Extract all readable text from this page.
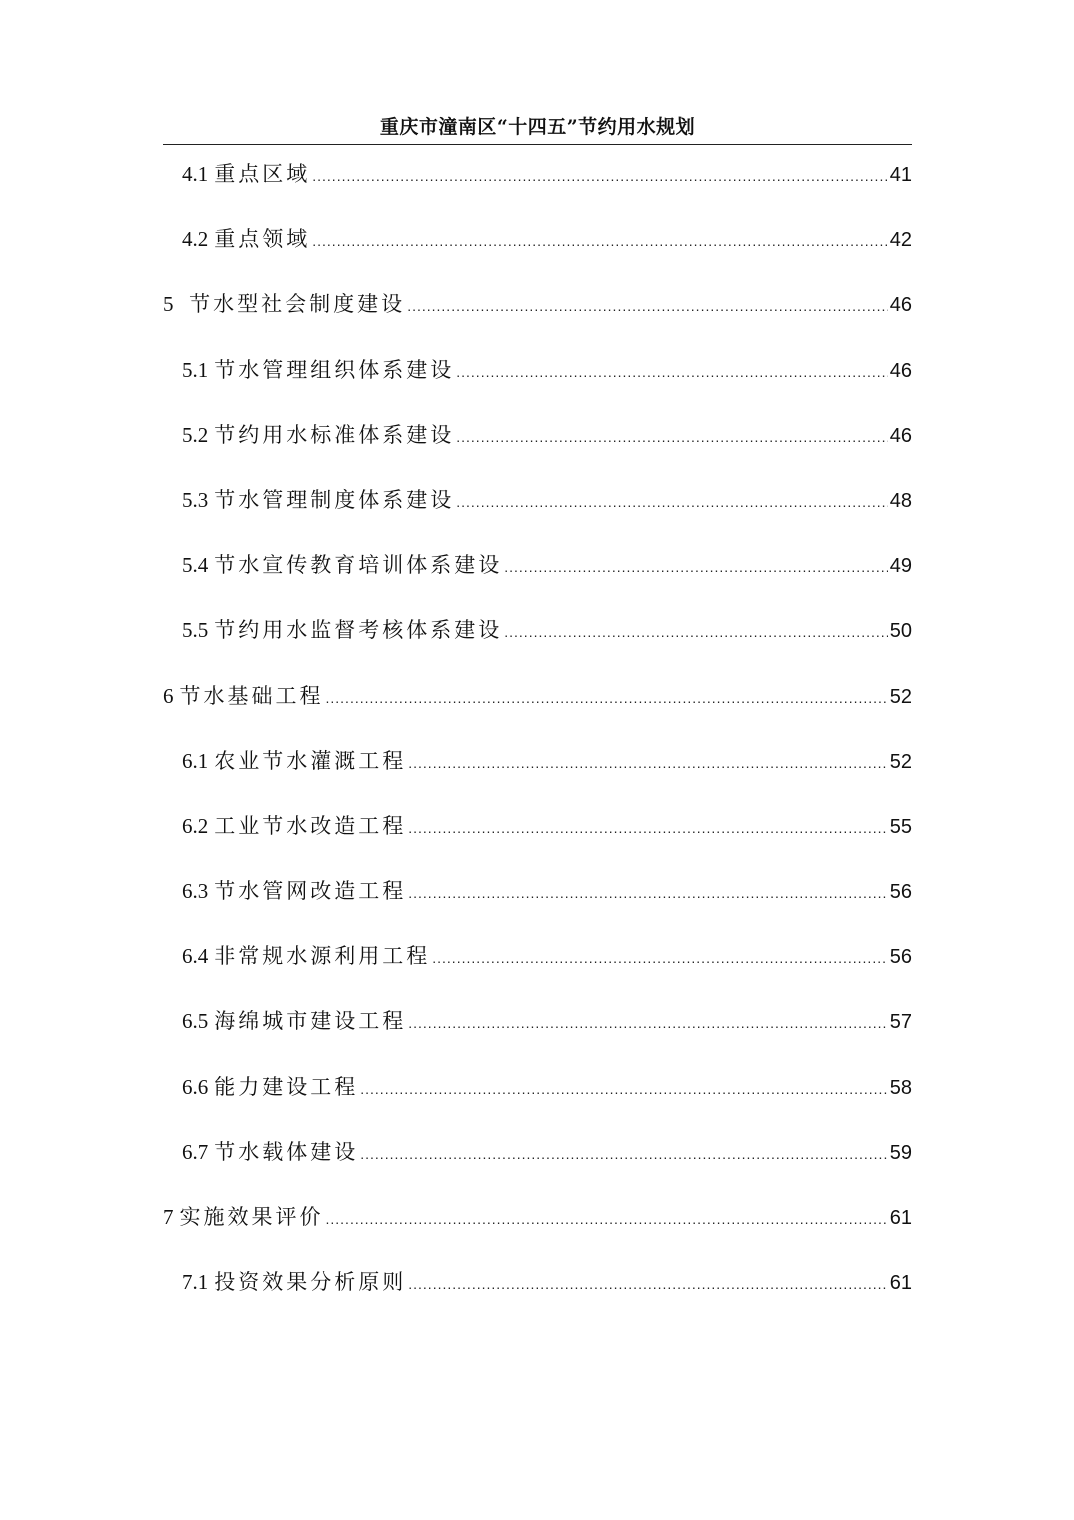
重庆市潼南区“十四五”节约用水规划
4.1 重点区域 .....	41
4.2 重点领域 .....	42
5 节水型社会制度建设 .....	46
5.1 节水管理组织体系建设 .....	46
5.2 节约用水标准体系建设 .....	46
5.3 节水管理制度体系建设 .....	48
5.4 节水宣传教育培训体系建设 .....	49
5.5 节约用水监督考核体系建设 .....	50
6 节水基础工程 .....	52
6.1 农业节水灌溉工程 .....	52
6.2 工业节水改造工程 .....	55
6.3 节水管网改造工程 .....	56
6.4 非常规水源利用工程 .....	56
6.5 海绵城市建设工程 .....	57
6.6 能力建设工程 .....	58
6.7 节水载体建设 .....	59
7 实施效果评价 .....	61
7.1 投资效果分析原则 .....	61
